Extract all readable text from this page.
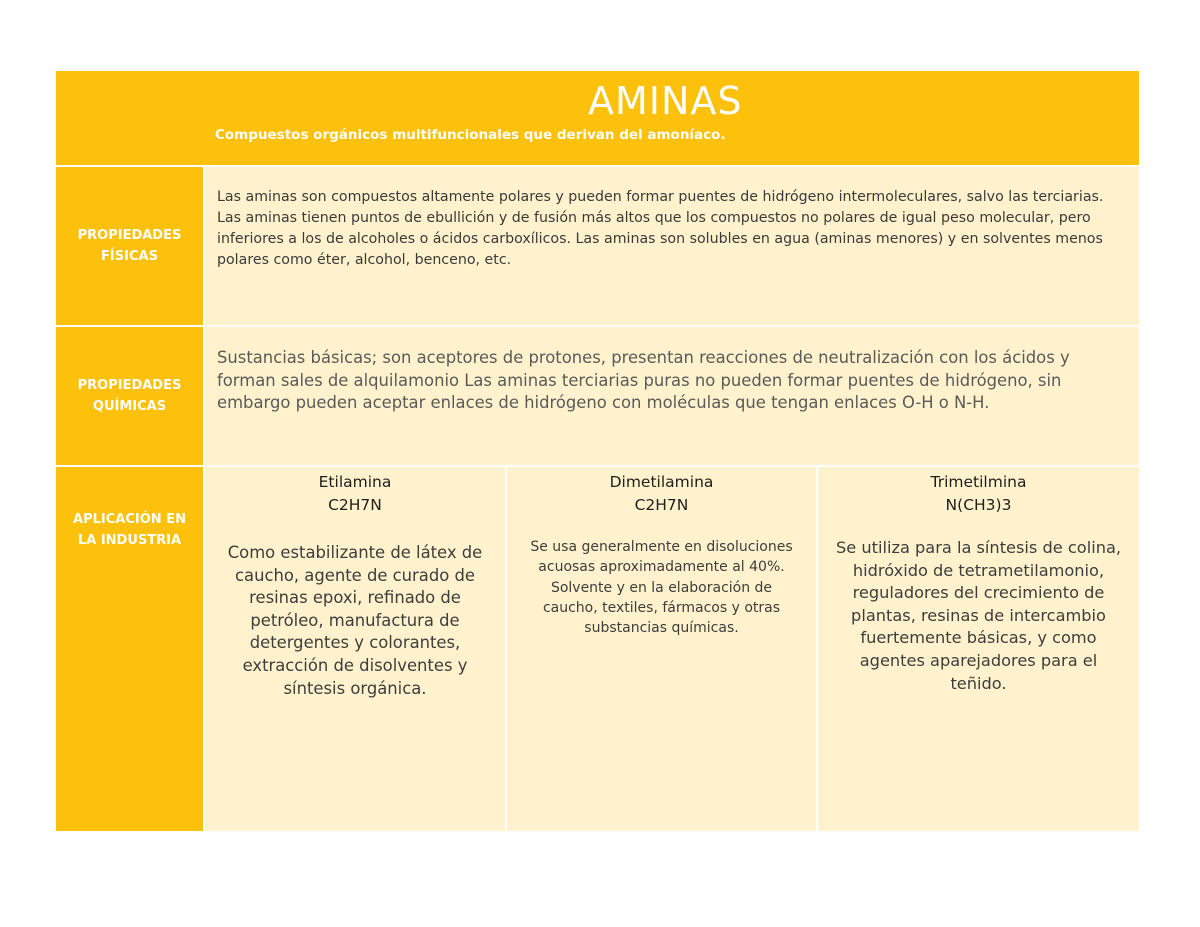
AMINAS
Compuestos orgánicos multifuncionales que derivan del amoníaco.
PROPIEDADES FÍSICAS
Las aminas son compuestos altamente polares y pueden formar puentes de hidrógeno intermoleculares, salvo las terciarias. Las aminas tienen puntos de ebullición y de fusión más altos que los compuestos no polares de igual peso molecular, pero inferiores a los de alcoholes o ácidos carboxílicos. Las aminas son solubles en agua (aminas menores) y en solventes menos polares como éter, alcohol, benceno, etc.
PROPIEDADES QUÍMICAS
Sustancias básicas; son aceptores de protones, presentan reacciones de neutralización con los ácidos y forman sales de alquilamonio Las aminas terciarias puras no pueden formar puentes de hidrógeno, sin embargo pueden aceptar enlaces de hidrógeno con moléculas que tengan enlaces O-H o N-H.
APLICACIÓN EN LA INDUSTRIA
Etilamina
C2H7N
Como estabilizante de látex de caucho, agente de curado de resinas epoxi, refinado de petróleo, manufactura de detergentes y colorantes, extracción de disolventes y síntesis orgánica.
Dimetilamina
C2H7N
Se usa generalmente en disoluciones acuosas aproximadamente al 40%. Solvente y en la elaboración de caucho, textiles, fármacos y otras substancias químicas.
Trimetilmina
N(CH3)3
Se utiliza para la síntesis de colina, hidróxido de tetrametilamonio, reguladores del crecimiento de plantas, resinas de intercambio fuertemente básicas, y como agentes aparejadores para el teñido.
